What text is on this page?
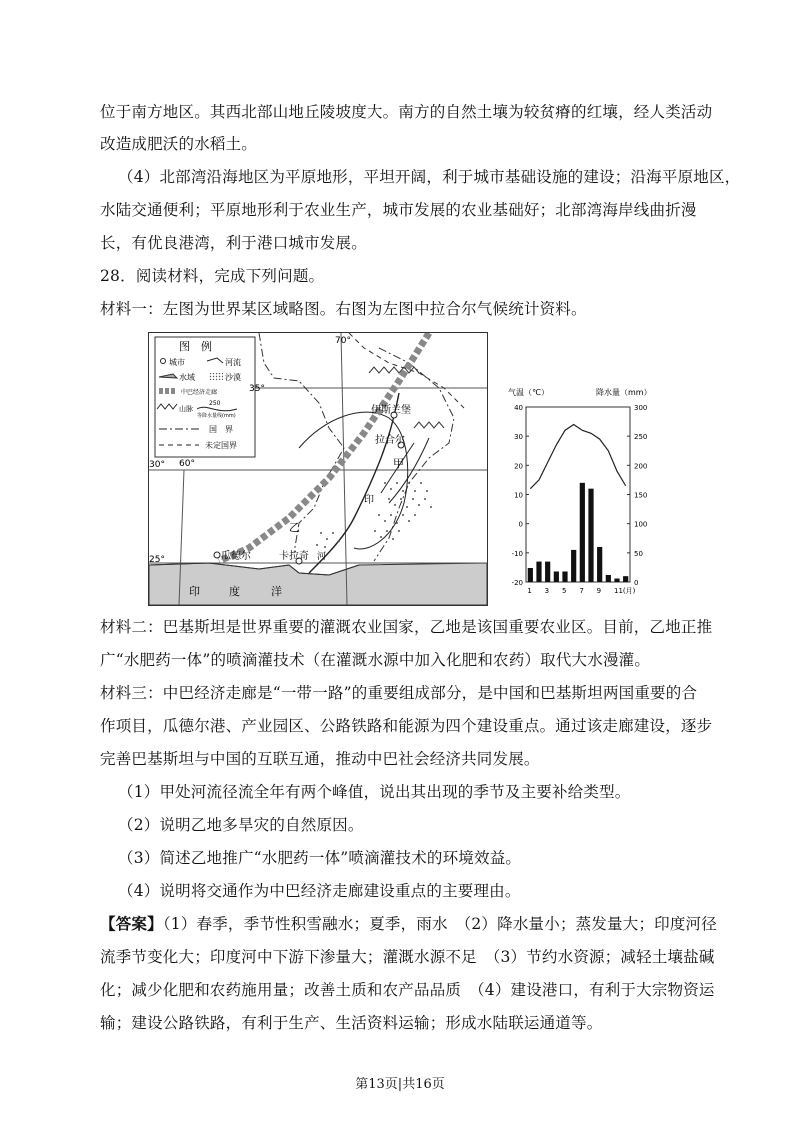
位于南方地区。其西北部山地丘陵坡度大。南方的自然土壤为较贫瘠的红壤，经人类活动
改造成肥沃的水稻土。
（4）北部湾沿海地区为平原地形，平坦开阔，利于城市基础设施的建设；沿海平原地区，
水陆交通便利；平原地形利于农业生产，城市发展的农业基础好；北部湾海岸线曲折漫
长，有优良港湾，利于港口城市发展。
28．阅读材料，完成下列问题。
材料一：左图为世界某区域略图。右图为左图中拉合尔气候统计资料。
图　例
城市	河流
水域	沙漠
中巴经济走廊
山脉
250
等降水量线(mm)
国　界
未定国界
70°
35°
30° 60°
25°
伊斯兰堡
拉合尔
甲
印
乙
瓜德尔	卡拉奇 河
印	度	洋
气温（℃）	降水量（mm）
40
30
20
10
0
-10
-20
300
250
200
150
100
50
0
1 3 5 7 9 11(月)
材料二：巴基斯坦是世界重要的灌溉农业国家，乙地是该国重要农业区。目前，乙地正推
广“水肥药一体”的喷滴灌技术（在灌溉水源中加入化肥和农药）取代大水漫灌。
材料三：中巴经济走廊是“一带一路”的重要组成部分，是中国和巴基斯坦两国重要的合
作项目，瓜德尔港、产业园区、公路铁路和能源为四个建设重点。通过该走廊建设，逐步
完善巴基斯坦与中国的互联互通，推动中巴社会经济共同发展。
（1）甲处河流径流全年有两个峰值，说出其出现的季节及主要补给类型。
（2）说明乙地多旱灾的自然原因。
（3）简述乙地推广“水肥药一体”喷滴灌技术的环境效益。
（4）说明将交通作为中巴经济走廊建设重点的主要理由。
【答案】（1）春季，季节性积雪融水；夏季，雨水　（2）降水量小；蒸发量大；印度河径
流季节变化大；印度河中下游下渗量大；灌溉水源不足　（3）节约水资源；减轻土壤盐碱
化；减少化肥和农药施用量；改善土质和农产品品质　（4）建设港口，有利于大宗物资运
输；建设公路铁路，有利于生产、生活资料运输；形成水陆联运通道等。
第13页|共16页
